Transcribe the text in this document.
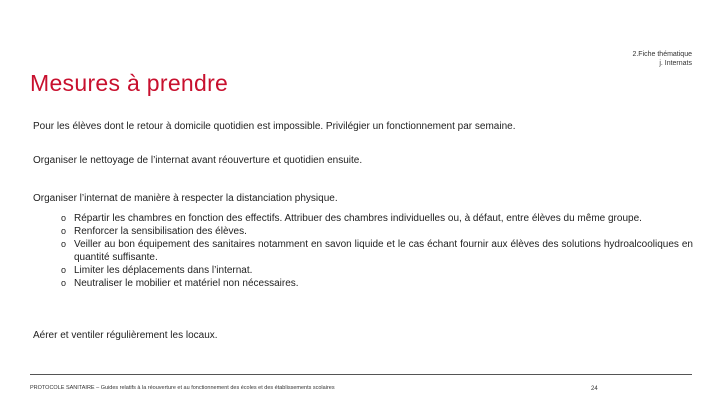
2.Fiche thématique
j. Internats
Mesures à prendre

Pour les élèves dont le retour à domicile quotidien est impossible. Privilégier un fonctionnement par semaine.

Organiser le nettoyage de l’internat avant réouverture et quotidien ensuite.

Organiser l’internat de manière à respecter la distanciation physique.

o Répartir les chambres en fonction des effectifs. Attribuer des chambres individuelles ou, à défaut, entre élèves du même groupe.
o Renforcer la sensibilisation des élèves.
o Veiller au bon équipement des sanitaires notamment en savon liquide et le cas échant fournir aux élèves des solutions hydroalcooliques en quantité suffisante.
o Limiter les déplacements dans l’internat.
o Neutraliser le mobilier et matériel non nécessaires.

Aérer et ventiler régulièrement les locaux.

PROTOCOLE SANITAIRE – Guides relatifs à la réouverture et au fonctionnement des écoles et des établissements scolaires	24
